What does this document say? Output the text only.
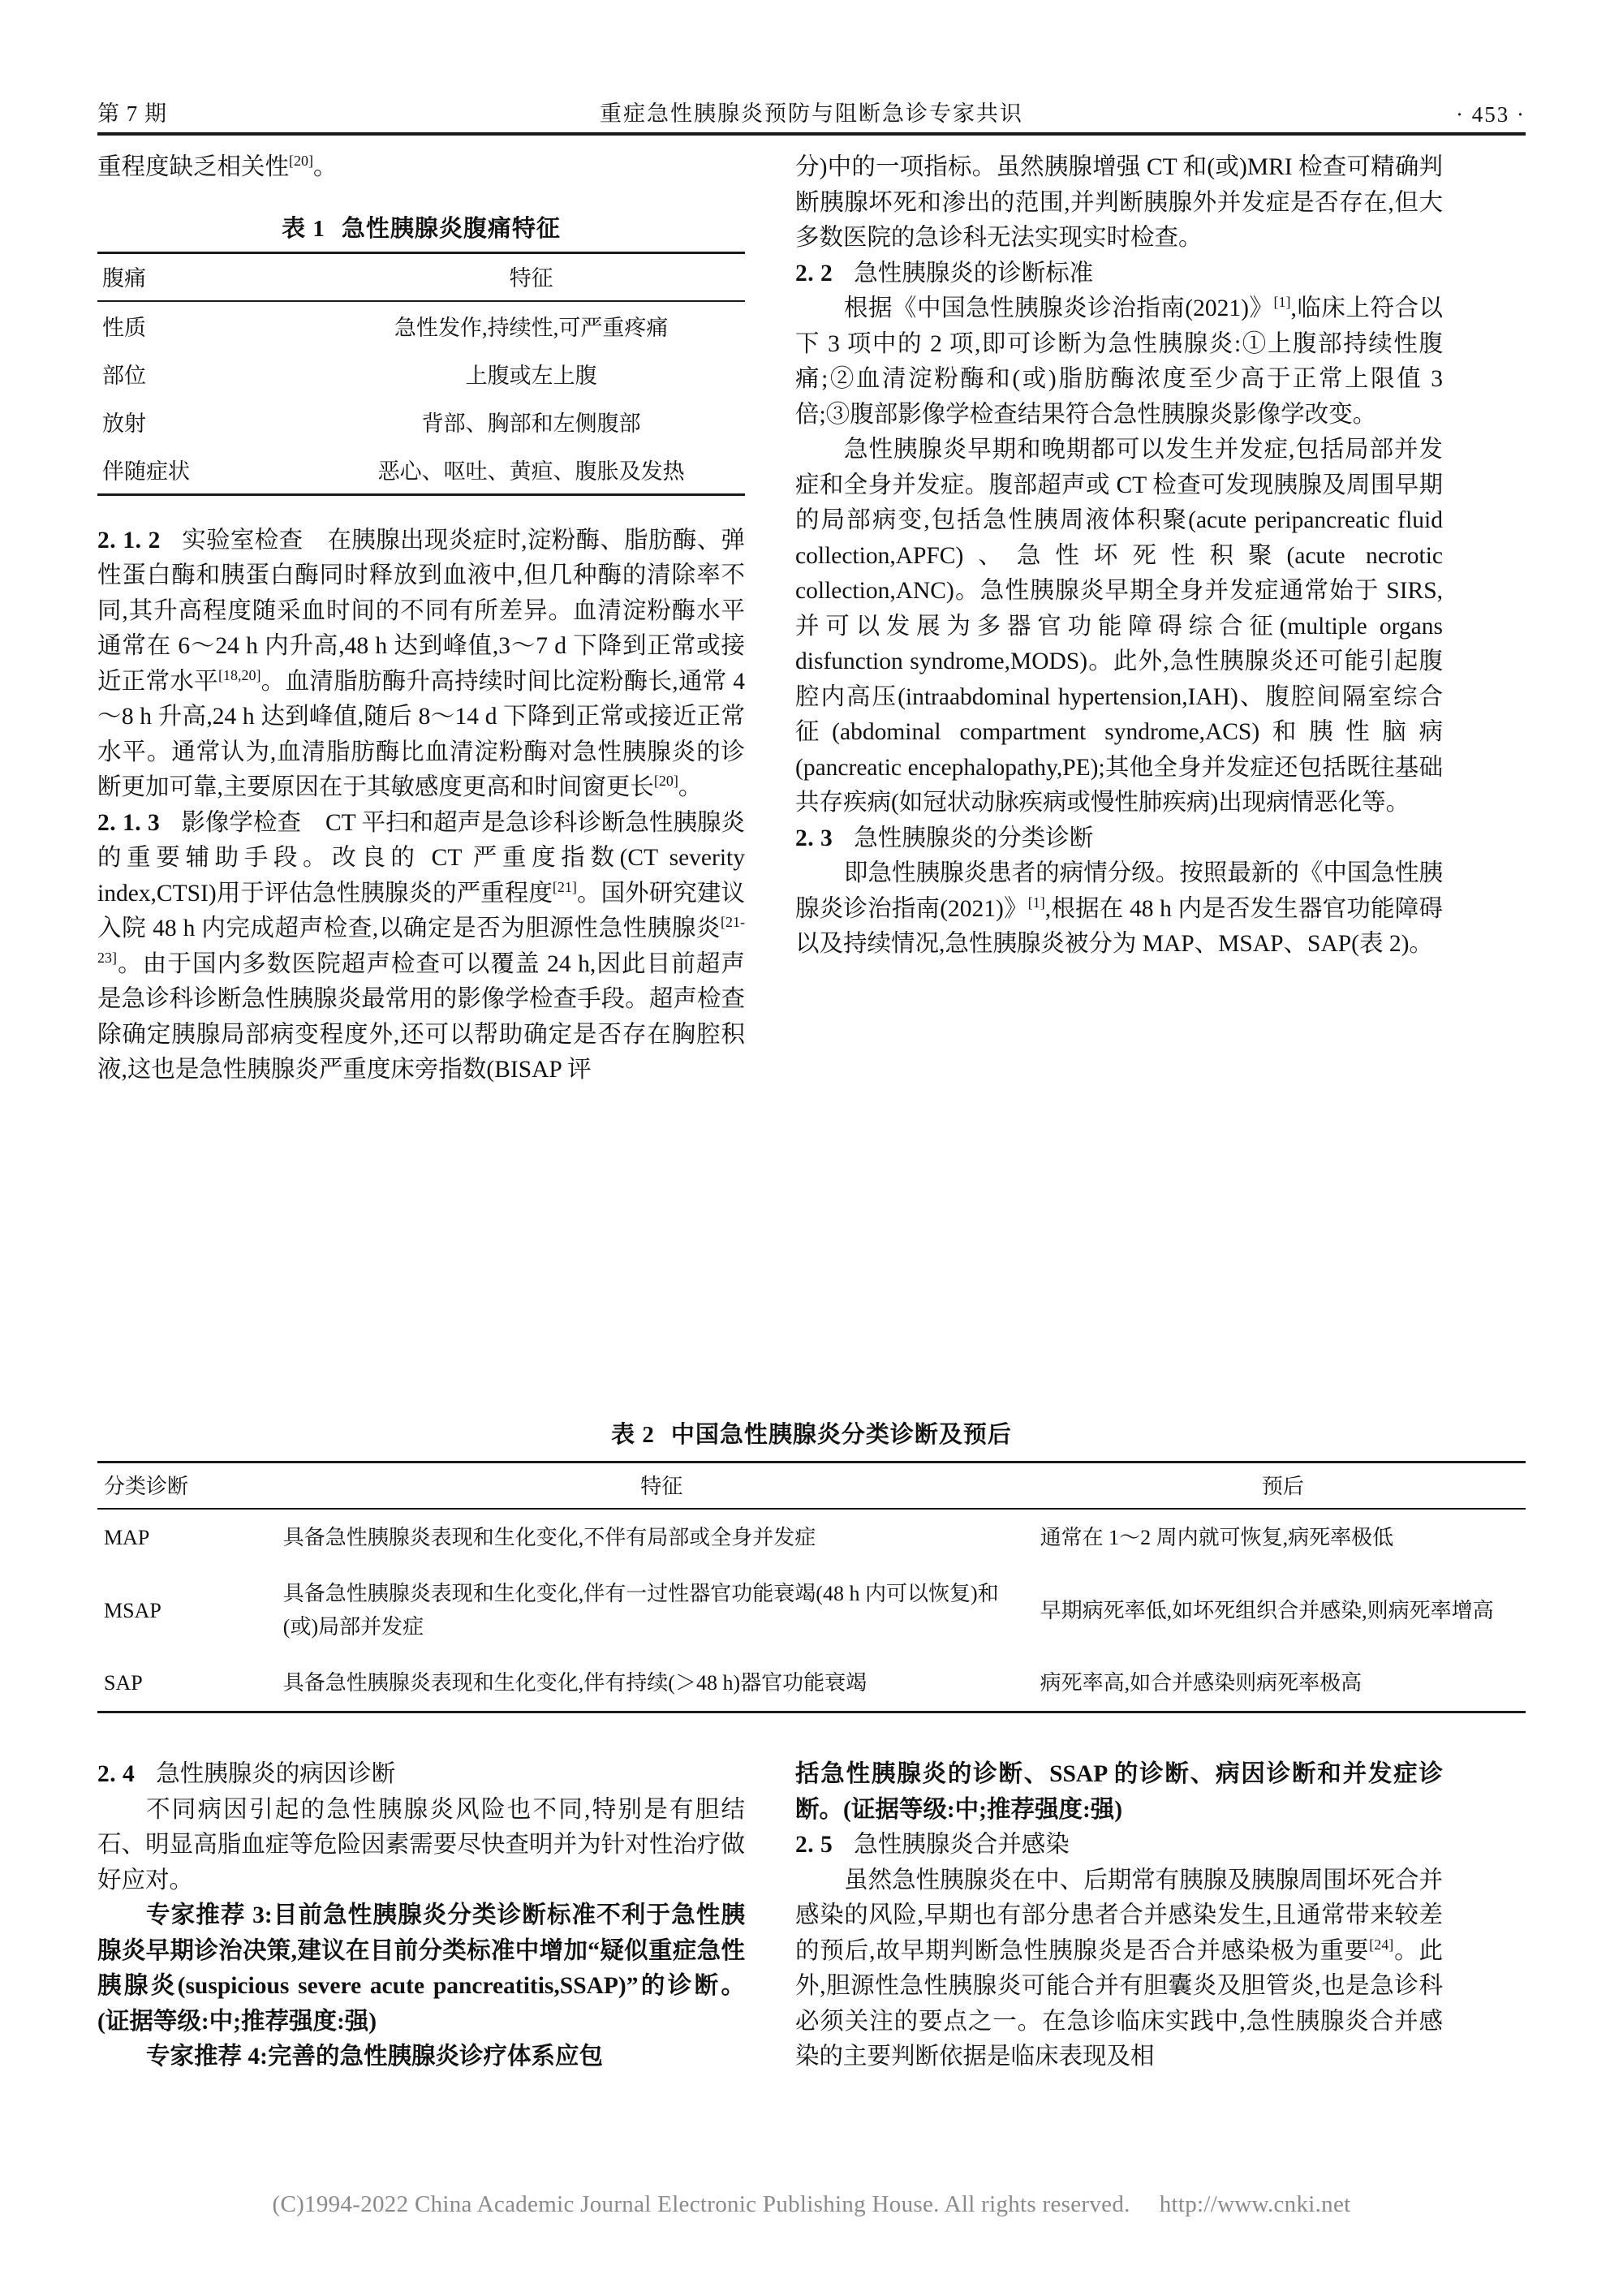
第 7 期	重症急性胰腺炎预防与阻断急诊专家共识	· 453 ·

重程度缺乏相关性[20]。

表 1 急性胰腺炎腹痛特征
腹痛	特征
性质	急性发作,持续性,可严重疼痛
部位	上腹或左上腹
放射	背部、胸部和左侧腹部
伴随症状	恶心、呕吐、黄疸、腹胀及发热

2. 1. 2 实验室检查 在胰腺出现炎症时,淀粉酶、脂肪酶、弹性蛋白酶和胰蛋白酶同时释放到血液中,但几种酶的清除率不同,其升高程度随采血时间的不同有所差异。血清淀粉酶水平通常在 6～24 h 内升高,48 h 达到峰值,3～7 d 下降到正常或接近正常水平[18,20]。血清脂肪酶升高持续时间比淀粉酶长,通常 4～8 h 升高,24 h 达到峰值,随后 8～14 d 下降到正常或接近正常水平。通常认为,血清脂肪酶比血清淀粉酶对急性胰腺炎的诊断更加可靠,主要原因在于其敏感度更高和时间窗更长[20]。

2. 1. 3 影像学检查 CT 平扫和超声是急诊科诊断急性胰腺炎的重要辅助手段。改良的 CT 严重度指数(CT severity index,CTSI)用于评估急性胰腺炎的严重程度[21]。国外研究建议入院 48 h 内完成超声检查,以确定是否为胆源性急性胰腺炎[21-23]。由于国内多数医院超声检查可以覆盖 24 h,因此目前超声是急诊科诊断急性胰腺炎最常用的影像学检查手段。超声检查除确定胰腺局部病变程度外,还可以帮助确定是否存在胸腔积液,这也是急性胰腺炎严重度床旁指数(BISAP 评

分)中的一项指标。虽然胰腺增强 CT 和(或)MRI 检查可精确判断胰腺坏死和渗出的范围,并判断胰腺外并发症是否存在,但大多数医院的急诊科无法实现实时检查。

2. 2 急性胰腺炎的诊断标准

根据《中国急性胰腺炎诊治指南(2021)》[1],临床上符合以下 3 项中的 2 项,即可诊断为急性胰腺炎:①上腹部持续性腹痛;②血清淀粉酶和(或)脂肪酶浓度至少高于正常上限值 3 倍;③腹部影像学检查结果符合急性胰腺炎影像学改变。

急性胰腺炎早期和晚期都可以发生并发症,包括局部并发症和全身并发症。腹部超声或 CT 检查可发现胰腺及周围早期的局部病变,包括急性胰周液体积聚(acute peripancreatic fluid collection,APFC)、急性坏死性积聚(acute necrotic collection,ANC)。急性胰腺炎早期全身并发症通常始于 SIRS,并可以发展为多器官功能障碍综合征(multiple organs disfunction syndrome,MODS)。此外,急性胰腺炎还可能引起腹腔内高压(intraabdominal hypertension,IAH)、腹腔间隔室综合征(abdominal compartment syndrome,ACS)和胰性脑病(pancreatic encephalopathy,PE);其他全身并发症还包括既往基础共存疾病(如冠状动脉疾病或慢性肺疾病)出现病情恶化等。

2. 3 急性胰腺炎的分类诊断

即急性胰腺炎患者的病情分级。按照最新的《中国急性胰腺炎诊治指南(2021)》[1],根据在 48 h 内是否发生器官功能障碍以及持续情况,急性胰腺炎被分为 MAP、MSAP、SAP(表 2)。

表 2 中国急性胰腺炎分类诊断及预后
分类诊断	特征	预后
MAP	具备急性胰腺炎表现和生化变化,不伴有局部或全身并发症	通常在 1～2 周内就可恢复,病死率极低
MSAP	具备急性胰腺炎表现和生化变化,伴有一过性器官功能衰竭(48 h 内可以恢复)和(或)局部并发症	早期病死率低,如坏死组织合并感染,则病死率增高
SAP	具备急性胰腺炎表现和生化变化,伴有持续(＞48 h)器官功能衰竭	病死率高,如合并感染则病死率极高

2. 4 急性胰腺炎的病因诊断

不同病因引起的急性胰腺炎风险也不同,特别是有胆结石、明显高脂血症等危险因素需要尽快查明并为针对性治疗做好应对。

专家推荐 3:目前急性胰腺炎分类诊断标准不利于急性胰腺炎早期诊治决策,建议在目前分类标准中增加“疑似重症急性胰腺炎(suspicious severe acute pancreatitis,SSAP)”的诊断。(证据等级:中;推荐强度:强)

专家推荐 4:完善的急性胰腺炎诊疗体系应包

括急性胰腺炎的诊断、SSAP 的诊断、病因诊断和并发症诊断。(证据等级:中;推荐强度:强)

2. 5 急性胰腺炎合并感染

虽然急性胰腺炎在中、后期常有胰腺及胰腺周围坏死合并感染的风险,早期也有部分患者合并感染发生,且通常带来较差的预后,故早期判断急性胰腺炎是否合并感染极为重要[24]。此外,胆源性急性胰腺炎可能合并有胆囊炎及胆管炎,也是急诊科必须关注的要点之一。在急诊临床实践中,急性胰腺炎合并感染的主要判断依据是临床表现及相

(C)1994-2022 China Academic Journal Electronic Publishing House. All rights reserved. http://www.cnki.net
